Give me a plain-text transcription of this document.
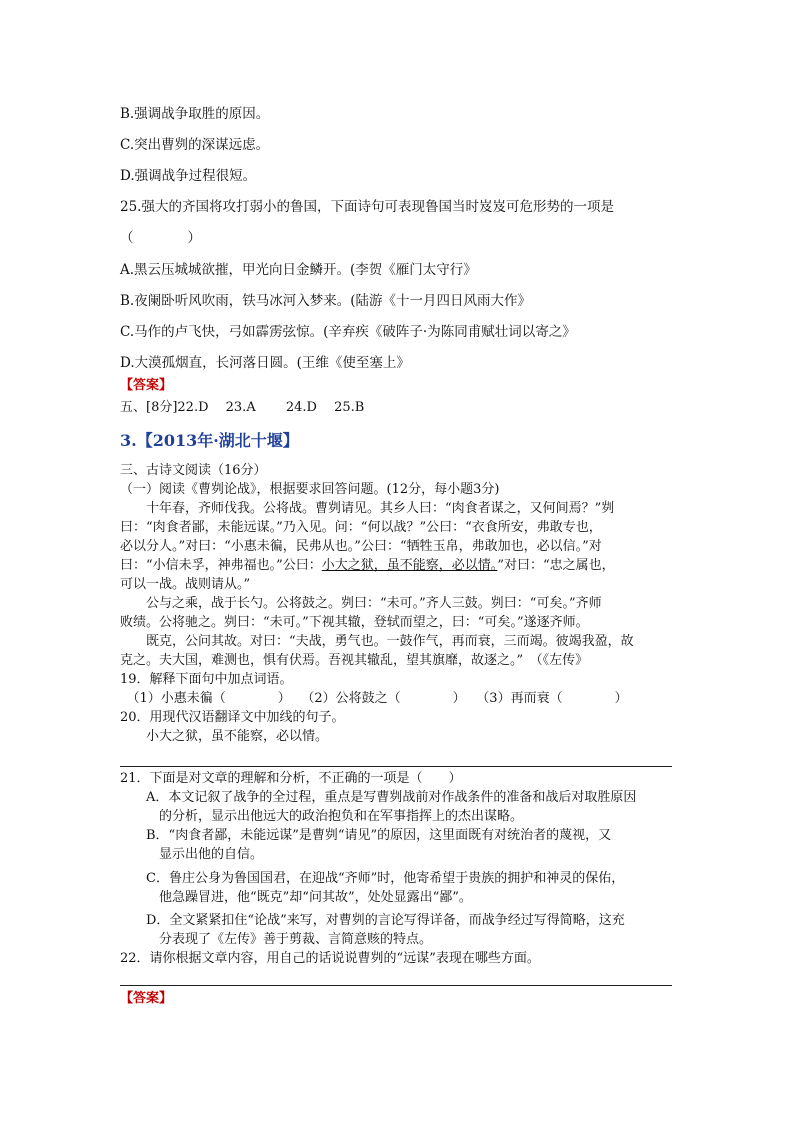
B.强调战争取胜的原因。
C.突出曹刿的深谋远虑。
D.强调战争过程很短。
25.强大的齐国将攻打弱小的鲁国，下面诗句可表现鲁国当时岌岌可危形势的一项是
（　　　　）
A.黑云压城城欲摧，甲光向日金鳞开。(李贺《雁门太守行》
B.夜阑卧听风吹雨，铁马冰河入梦来。(陆游《十一月四日风雨大作》
C.马作的卢飞快，弓如霹雳弦惊。(辛弃疾《破阵子·为陈同甫赋壮词以寄之》
D.大漠孤烟直，长河落日圆。(王维《使至塞上》
【答案】
五、[8分]22.D　 23.A　　 24.D　 25.B
3.【2013年·湖北十堰】
三、古诗文阅读（16分）
（一）阅读《曹刿论战》，根据要求回答问题。(12分，每小题3分)
　　十年春，齐师伐我。公将战。曹刿请见。其乡人曰：“肉食者谋之，又何间焉？”刿
曰：“肉食者鄙，未能远谋。”乃入见。问：“何以战？”公曰：“衣食所安，弗敢专也，
必以分人。”对曰：“小惠未徧，民弗从也。”公曰：“牺牲玉帛，弗敢加也，必以信。”对
曰：“小信未孚，神弗福也。”公曰：小大之狱，虽不能察，必以情。”对曰：“忠之属也，
可以一战。战则请从。”
　　公与之乘，战于长勺。公将鼓之。刿曰：“未可。”齐人三鼓。刿曰：“可矣。”齐师
败绩。公将驰之。刿曰：“未可。”下视其辙，登轼而望之，曰：“可矣。”遂逐齐师。
　　既克，公问其故。对曰：“夫战，勇气也。一鼓作气，再而衰，三而竭。彼竭我盈，故
克之。夫大国，难测也，惧有伏焉。吾视其辙乱，望其旗靡，故逐之。”　（《左传》
19．解释下面句中加点词语。
　（1）小惠未徧（　　　　）　 （2）公将鼓之（　　　　）　 （3）再而衰（　　　　）
20．用现代汉语翻译文中加线的句子。
　　小大之狱，虽不能察，必以情。
21．下面是对文章的理解和分析，不正确的一项是（　　）
　　A．本文记叙了战争的全过程，重点是写曹刿战前对作战条件的准备和战后对取胜原因
　　　的分析，显示出他远大的政治抱负和在军事指挥上的杰出谋略。
　　B．“肉食者鄙，未能远谋”是曹刿“请见”的原因，这里面既有对统治者的蔑视，又
　　　显示出他的自信。
　　C．鲁庄公身为鲁国国君，在迎战“齐师”时，他寄希望于贵族的拥护和神灵的保佑，
　　　他急躁冒进，他“既克”却“问其故”，处处显露出“鄙”。
　　D．全文紧紧扣住“论战”来写，对曹刿的言论写得详备，而战争经过写得简略，这充
　　　分表现了《左传》善于剪裁、言简意赅的特点。
22．请你根据文章内容，用自己的话说说曹刿的“远谋”表现在哪些方面。
【答案】
